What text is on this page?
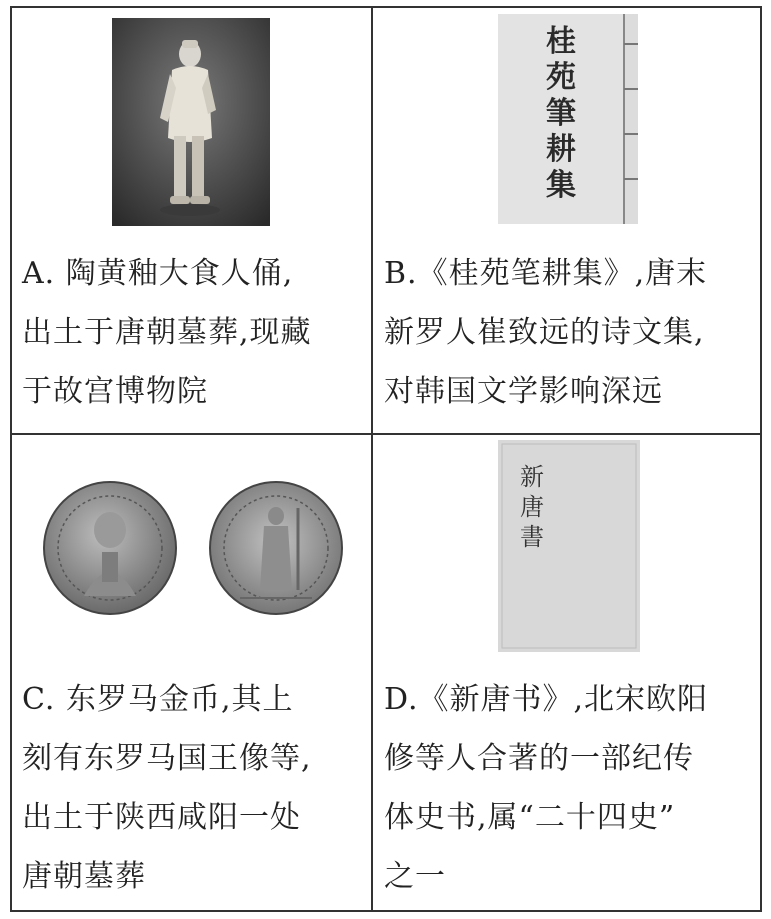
A. 陶黄釉大食人俑,
出土于唐朝墓葬,现藏
于故宫博物院
桂
苑
筆
耕
集
B.《桂苑笔耕集》,唐末
新罗人崔致远的诗文集,
对韩国文学影响深远
C. 东罗马金币,其上
刻有东罗马国王像等,
出土于陕西咸阳一处
唐朝墓葬
新
唐
書
D.《新唐书》,北宋欧阳
修等人合著的一部纪传
体史书,属“二十四史”
之一
